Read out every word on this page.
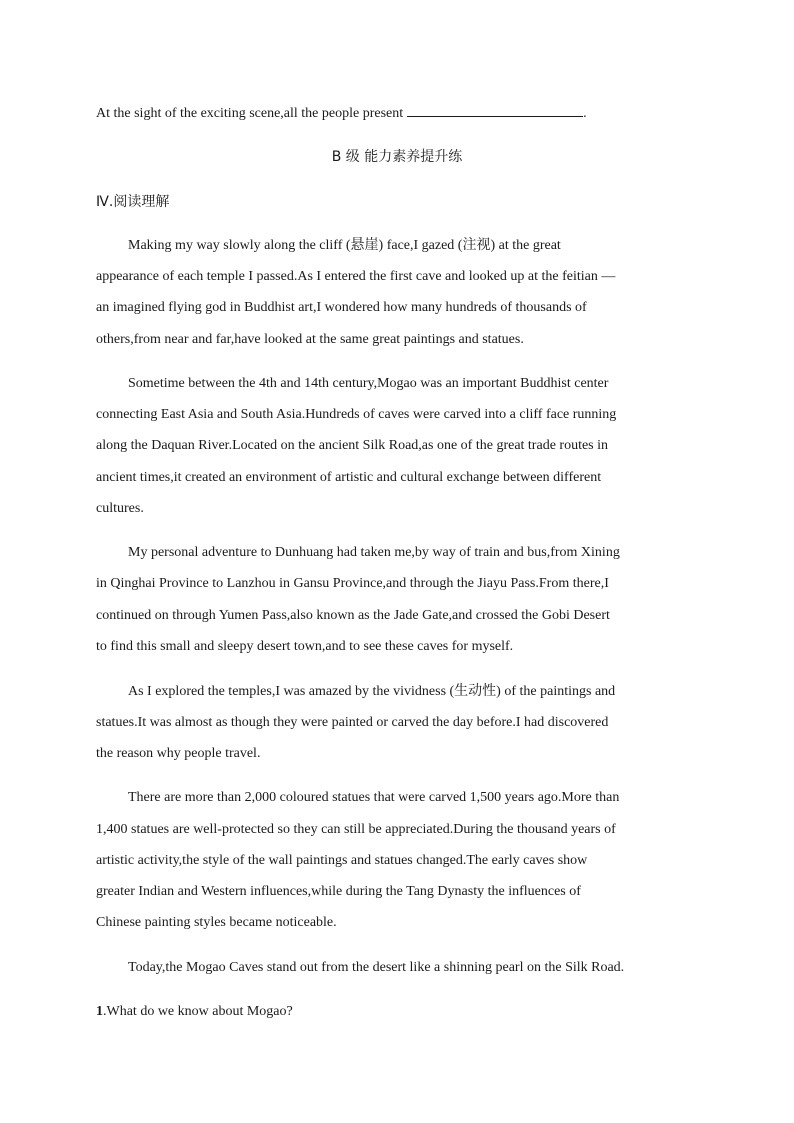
At the sight of the exciting scene,all the people present	.
B 级 能力素养提升练
Ⅳ.阅读理解
Making my way slowly along the cliff (悬崖) face,I gazed (注视) at the great
appearance of each temple I passed.As I entered the first cave and looked up at the feitian —
an imagined flying god in Buddhist art,I wondered how many hundreds of thousands of
others,from near and far,have looked at the same great paintings and statues.
Sometime between the 4th and 14th century,Mogao was an important Buddhist center
connecting East Asia and South Asia.Hundreds of caves were carved into a cliff face running
along the Daquan River.Located on the ancient Silk Road,as one of the great trade routes in
ancient times,it created an environment of artistic and cultural exchange between different
cultures.
My personal adventure to Dunhuang had taken me,by way of train and bus,from Xining
in Qinghai Province to Lanzhou in Gansu Province,and through the Jiayu Pass.From there,I
continued on through Yumen Pass,also known as the Jade Gate,and crossed the Gobi Desert
to find this small and sleepy desert town,and to see these caves for myself.
As I explored the temples,I was amazed by the vividness (生动性) of the paintings and
statues.It was almost as though they were painted or carved the day before.I had discovered
the reason why people travel.
There are more than 2,000 coloured statues that were carved 1,500 years ago.More than
1,400 statues are well-protected so they can still be appreciated.During the thousand years of
artistic activity,the style of the wall paintings and statues changed.The early caves show
greater Indian and Western influences,while during the Tang Dynasty the influences of
Chinese painting styles became noticeable.
Today,the Mogao Caves stand out from the desert like a shinning pearl on the Silk Road.
1.What do we know about Mogao?
